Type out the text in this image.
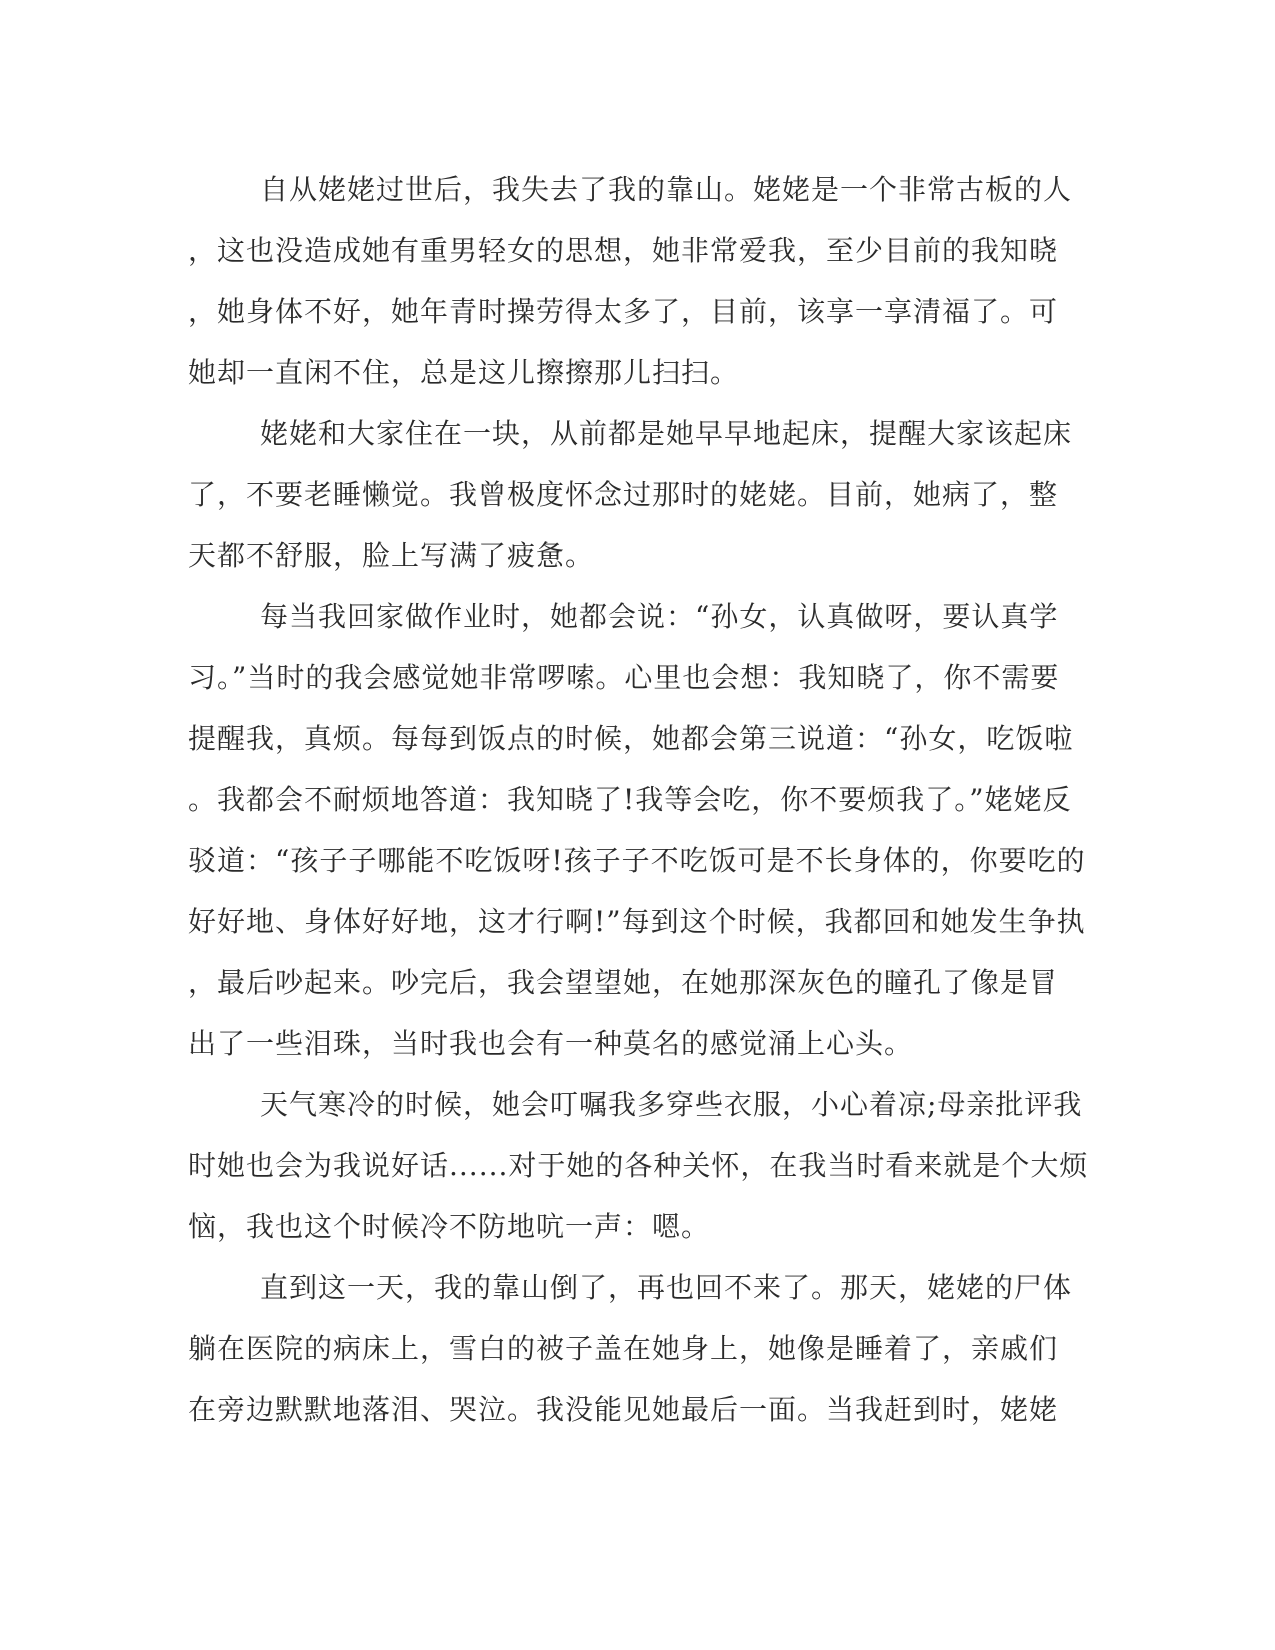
自从姥姥过世后，我失去了我的靠山。姥姥是一个非常古板的人
，这也没造成她有重男轻女的思想，她非常爱我，至少目前的我知晓
，她身体不好，她年青时操劳得太多了，目前，该享一享清福了。可
她却一直闲不住，总是这儿擦擦那儿扫扫。
姥姥和大家住在一块，从前都是她早早地起床，提醒大家该起床
了，不要老睡懒觉。我曾极度怀念过那时的姥姥。目前，她病了，整
天都不舒服，脸上写满了疲惫。
每当我回家做作业时，她都会说：“孙女，认真做呀，要认真学
习。”当时的我会感觉她非常啰嗦。心里也会想：我知晓了，你不需要
提醒我，真烦。每每到饭点的时候，她都会第三说道：“孙女，吃饭啦
。我都会不耐烦地答道：我知晓了!我等会吃，你不要烦我了。”姥姥反
驳道：“孩子子哪能不吃饭呀!孩子子不吃饭可是不长身体的，你要吃的
好好地、身体好好地，这才行啊!”每到这个时候，我都回和她发生争执
，最后吵起来。吵完后，我会望望她，在她那深灰色的瞳孔了像是冒
出了一些泪珠，当时我也会有一种莫名的感觉涌上心头。
天气寒冷的时候，她会叮嘱我多穿些衣服，小心着凉;母亲批评我
时她也会为我说好话......对于她的各种关怀，在我当时看来就是个大烦
恼，我也这个时候冷不防地吭一声：嗯。
直到这一天，我的靠山倒了，再也回不来了。那天，姥姥的尸体
躺在医院的病床上，雪白的被子盖在她身上，她像是睡着了，亲戚们
在旁边默默地落泪、哭泣。我没能见她最后一面。当我赶到时，姥姥
